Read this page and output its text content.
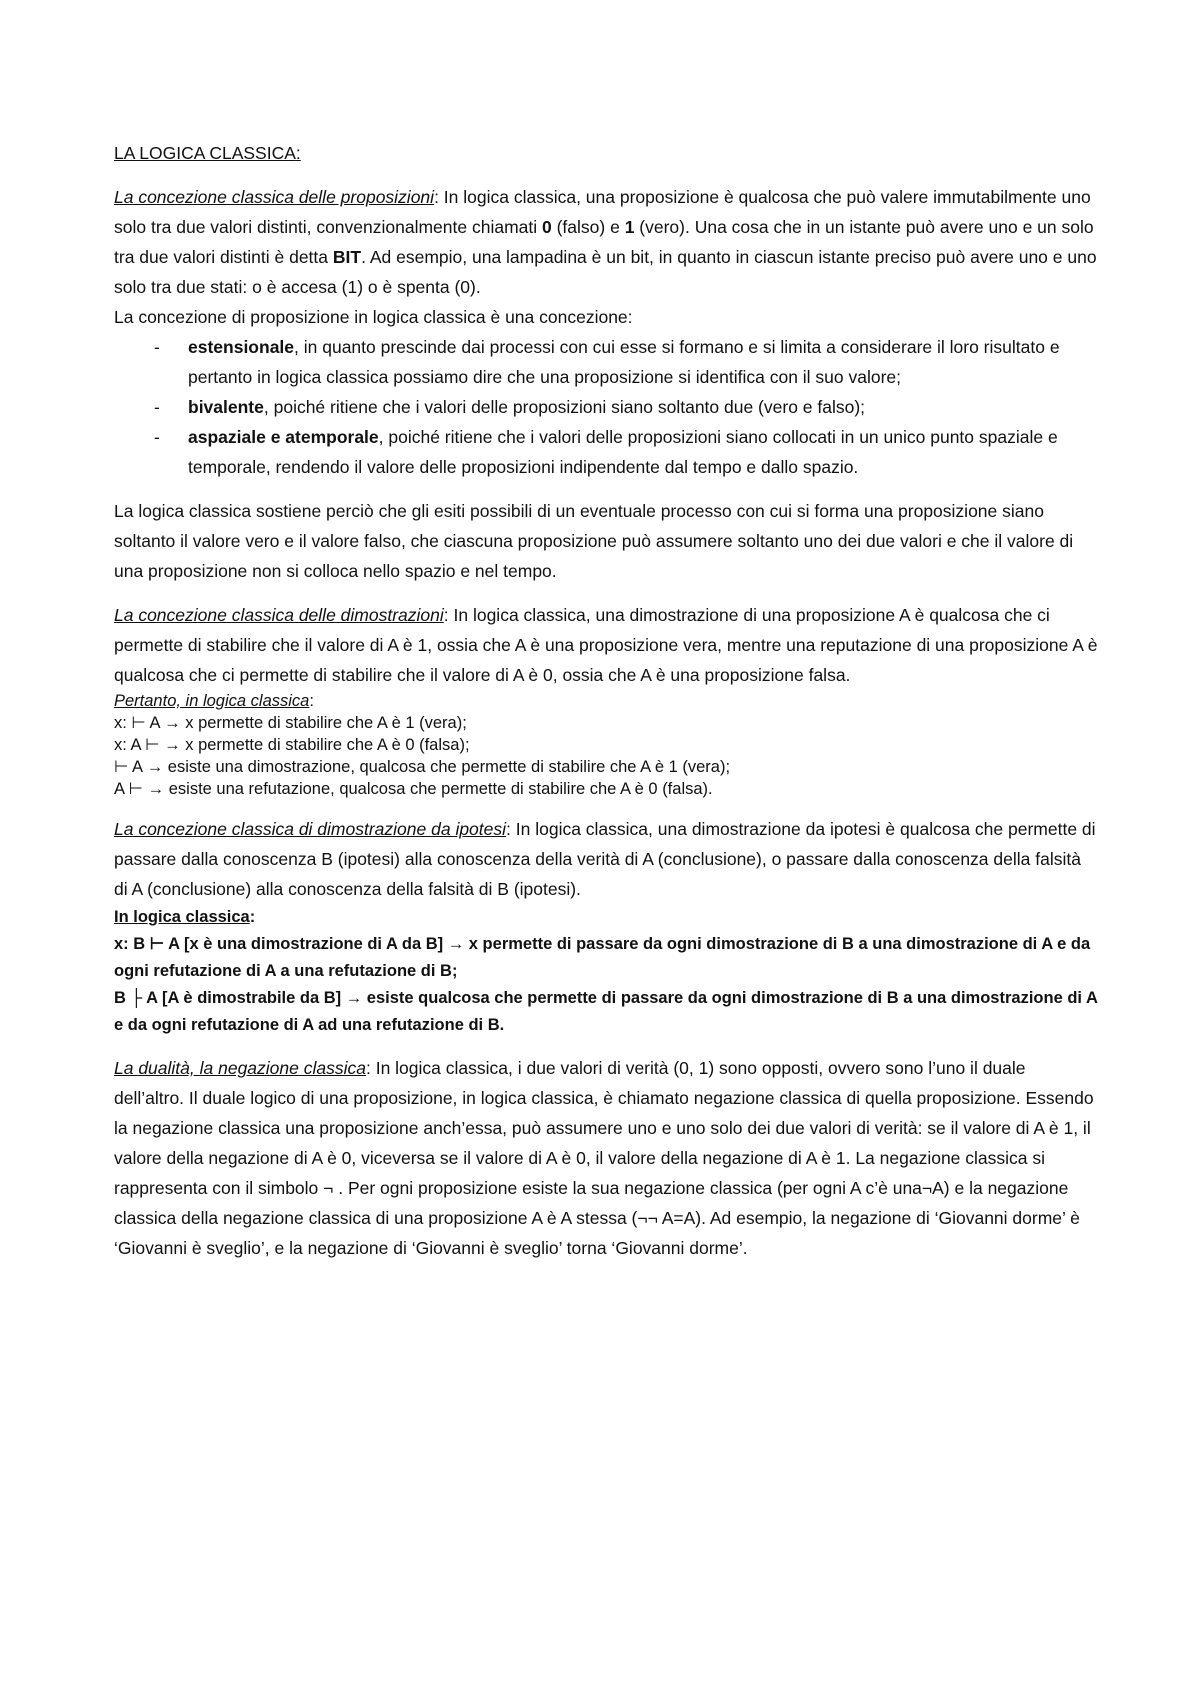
LA LOGICA CLASSICA:

La concezione classica delle proposizioni: In logica classica, una proposizione è qualcosa che può valere immutabilmente uno solo tra due valori distinti, convenzionalmente chiamati 0 (falso) e 1 (vero). Una cosa che in un istante può avere uno e un solo tra due valori distinti è detta BIT. Ad esempio, una lampadina è un bit, in quanto in ciascun istante preciso può avere uno e uno solo tra due stati: o è accesa (1) o è spenta (0).

La concezione di proposizione in logica classica è una concezione:

- estensionale, in quanto prescinde dai processi con cui esse si formano e si limita a considerare il loro risultato e pertanto in logica classica possiamo dire che una proposizione si identifica con il suo valore;
- bivalente, poiché ritiene che i valori delle proposizioni siano soltanto due (vero e falso);
- aspaziale e atemporale, poiché ritiene che i valori delle proposizioni siano collocati in un unico punto spaziale e temporale, rendendo il valore delle proposizioni indipendente dal tempo e dallo spazio.

La logica classica sostiene perciò che gli esiti possibili di un eventuale processo con cui si forma una proposizione siano soltanto il valore vero e il valore falso, che ciascuna proposizione può assumere soltanto uno dei due valori e che il valore di una proposizione non si colloca nello spazio e nel tempo.

La concezione classica delle dimostrazioni: In logica classica, una dimostrazione di una proposizione A è qualcosa che ci permette di stabilire che il valore di A è 1, ossia che A è una proposizione vera, mentre una reputazione di una proposizione A è qualcosa che ci permette di stabilire che il valore di A è 0, ossia che A è una proposizione falsa.

Pertanto, in logica classica:

x: ⊢ A → x permette di stabilire che A è 1 (vera);

x: A ⊢ → x permette di stabilire che A è 0 (falsa);

⊢ A → esiste una dimostrazione, qualcosa che permette di stabilire che A è 1 (vera);

A ⊢ → esiste una refutazione, qualcosa che permette di stabilire che A è 0 (falsa).

La concezione classica di dimostrazione da ipotesi: In logica classica, una dimostrazione da ipotesi è qualcosa che permette di passare dalla conoscenza B (ipotesi) alla conoscenza della verità di A (conclusione), o passare dalla conoscenza della falsità di A (conclusione) alla conoscenza della falsità di B (ipotesi).

In logica classica:

x: B ⊢ A [x è una dimostrazione di A da B] → x permette di passare da ogni dimostrazione di B a una dimostrazione di A e da ogni refutazione di A a una refutazione di B;

B ├ A [A è dimostrabile da B] → esiste qualcosa che permette di passare da ogni dimostrazione di B a una dimostrazione di A e da ogni refutazione di A ad una refutazione di B.

La dualità, la negazione classica: In logica classica, i due valori di verità (0, 1) sono opposti, ovvero sono l’uno il duale dell’altro. Il duale logico di una proposizione, in logica classica, è chiamato negazione classica di quella proposizione. Essendo la negazione classica una proposizione anch’essa, può assumere uno e uno solo dei due valori di verità: se il valore di A è 1, il valore della negazione di A è 0, viceversa se il valore di A è 0, il valore della negazione di A è 1. La negazione classica si rappresenta con il simbolo ¬ . Per ogni proposizione esiste la sua negazione classica (per ogni A c’è una¬A) e la negazione classica della negazione classica di una proposizione A è A stessa (¬¬ A=A). Ad esempio, la negazione di ‘Giovanni dorme’ è ‘Giovanni è sveglio’, e la negazione di ‘Giovanni è sveglio’ torna ‘Giovanni dorme’.
